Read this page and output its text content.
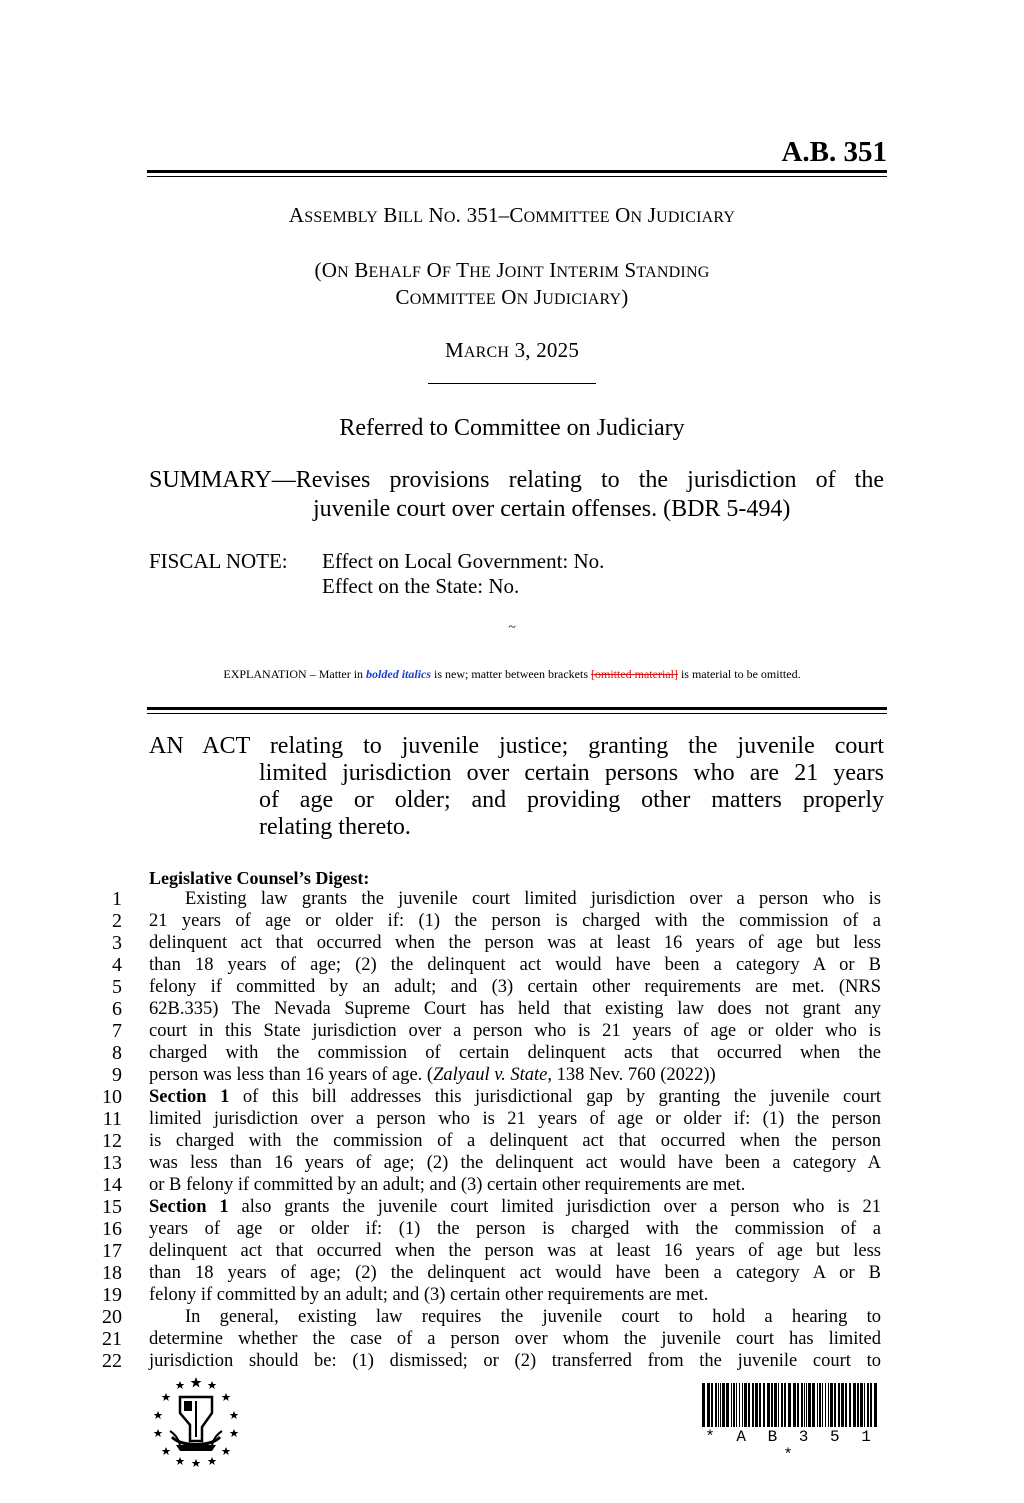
A.B. 351
ASSEMBLY BILL NO. 351–COMMITTEE ON JUDICIARY
(ON BEHALF OF THE JOINT INTERIM STANDING
COMMITTEE ON JUDICIARY)
MARCH 3, 2025
Referred to Committee on Judiciary
SUMMARY—Revises provisions relating to the jurisdiction of the
juvenile court over certain offenses. (BDR 5-494)
FISCAL NOTE: Effect on Local Government: No.
Effect on the State: No.
~
EXPLANATION – Matter in bolded italics is new; matter between brackets [omitted material] is material to be omitted.
AN ACT relating to juvenile justice; granting the juvenile court
limited jurisdiction over certain persons who are 21 years
of age or older; and providing other matters properly
relating thereto.
Legislative Counsel’s Digest:
1	Existing law grants the juvenile court limited jurisdiction over a person who is
2 21 years of age or older if: (1) the person is charged with the commission of a
3 delinquent act that occurred when the person was at least 16 years of age but less
4 than 18 years of age; (2) the delinquent act would have been a category A or B
5 felony if committed by an adult; and (3) certain other requirements are met. (NRS
6 62B.335) The Nevada Supreme Court has held that existing law does not grant any
7 court in this State jurisdiction over a person who is 21 years of age or older who is
8 charged with the commission of certain delinquent acts that occurred when the
9 person was less than 16 years of age. (Zalyaul v. State, 138 Nev. 760 (2022))
10 Section 1 of this bill addresses this jurisdictional gap by granting the juvenile court
11 limited jurisdiction over a person who is 21 years of age or older if: (1) the person
12 is charged with the commission of a delinquent act that occurred when the person
13 was less than 16 years of age; (2) the delinquent act would have been a category A
14 or B felony if committed by an adult; and (3) certain other requirements are met.
15 Section 1 also grants the juvenile court limited jurisdiction over a person who is 21
16 years of age or older if: (1) the person is charged with the commission of a
17 delinquent act that occurred when the person was at least 16 years of age but less
18 than 18 years of age; (2) the delinquent act would have been a category A or B
19 felony if committed by an adult; and (3) certain other requirements are met.
20	In general, existing law requires the juvenile court to hold a hearing to
21 determine whether the case of a person over whom the juvenile court has limited
22 jurisdiction should be: (1) dismissed; or (2) transferred from the juvenile court to
* A B 3 5 1 *
